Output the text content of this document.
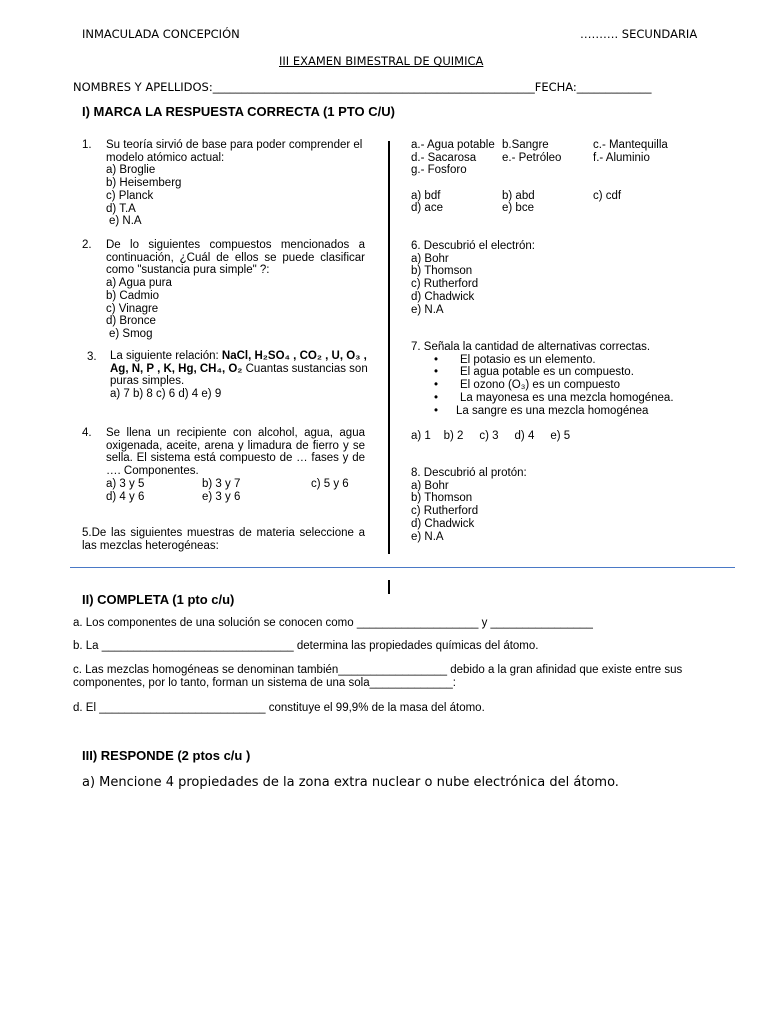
INMACULADA CONCEPCIÓN	………. SECUNDARIA
III EXAMEN BIMESTRAL DE QUIMICA
NOMBRES Y APELLIDOS:________________________________________________________FECHA:_____________
I) MARCA LA RESPUESTA CORRECTA (1 PTO C/U)
1. Su teoría sirvió de base para poder comprender el
modelo atómico actual:
a) Broglie
b) Heisemberg
c) Planck
d) T.A
e) N.A
2. De lo siguientes compuestos mencionados a
continuación, ¿Cuál de ellos se puede clasificar
como "sustancia pura simple" ?:
a) Agua pura
b) Cadmio
c) Vinagre
d) Bronce
e) Smog
3. La siguiente relación: NaCl, H₂SO₄ , CO₂ , U, O₃ ,
Ag, N, P , K, Hg, CH₄, O₂ Cuantas sustancias son
puras simples.
a) 7 b) 8 c) 6 d) 4 e) 9
4. Se llena un recipiente con alcohol, agua, agua
oxigenada, aceite, arena y limadura de fierro y se
sella. El sistema está compuesto de … fases y de
…. Componentes.
a) 3 y 5	b) 3 y 7	c) 5 y 6
d) 4 y 6	e) 3 y 6
5.De las siguientes muestras de materia seleccione a
las mezclas heterogéneas:
a.- Agua potable b.Sangre	c.- Mantequilla
d.- Sacarosa e.- Petróleo	f.- Aluminio
g.- Fosforo
a) bdf	b) abd	c) cdf
d) ace	e) bce
6. Descubrió el electrón:
a) Bohr
b) Thomson
c) Rutherford
d) Chadwick
e) N.A
7. Señala la cantidad de alternativas correctas.
• El potasio es un elemento.
• El agua potable es un compuesto.
• El ozono (O₃) es un compuesto
• La mayonesa es una mezcla homogénea.
• La sangre es una mezcla homogénea
a) 1    b) 2     c) 3     d) 4     e) 5
8. Descubrió al protón:
a) Bohr
b) Thomson
c) Rutherford
d) Chadwick
e) N.A
II) COMPLETA (1 pto c/u)
a. Los componentes de una solución se conocen como ___________________ y ________________
b. La ______________________________ determina las propiedades químicas del átomo.
c. Las mezclas homogéneas se denominan también_________________ debido a la gran afinidad que existe entre sus
componentes, por lo tanto, forman un sistema de una sola_____________:
d. El __________________________ constituye el 99,9% de la masa del átomo.
III) RESPONDE (2 ptos c/u )
a) Mencione 4 propiedades de la zona extra nuclear o nube electrónica del átomo.
